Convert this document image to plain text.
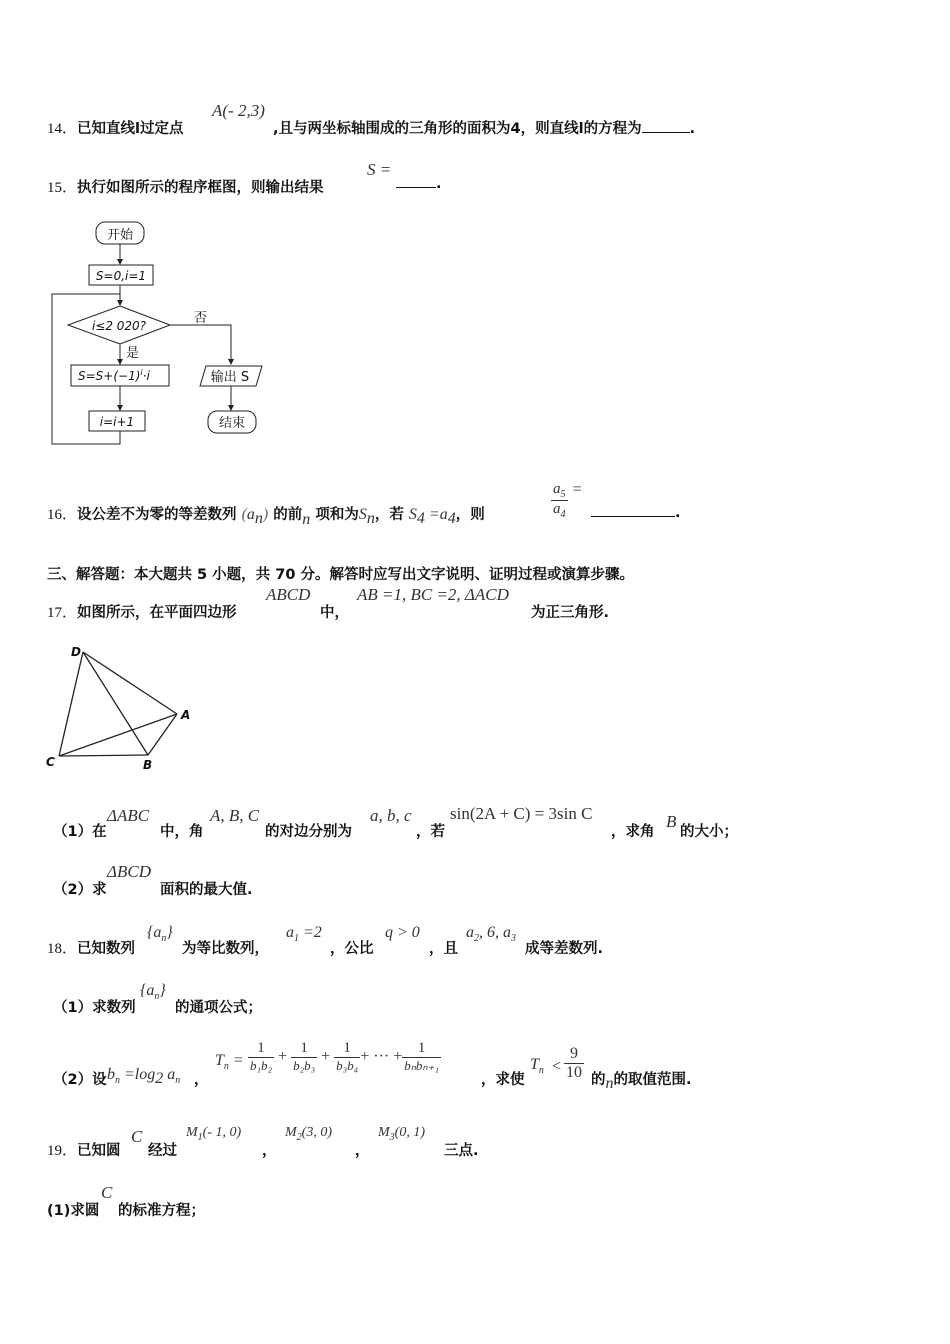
14．已知直线l过定点
A(- 2,3)
,且与两坐标轴围成的三角形的面积为4，则直线l的方程为	.
15．执行如图所示的程序框图，则输出结果
S =
.
开始
S=0,i=1
i≤2 020?	否
是
$S=S+(-1)^i\cdot i$
i=i+1
输出 S
结束
16．设公差不为零的等差数列 $(a_n)$ 的前n 项和为$S_n$，若 $S_4 =a_4$，则	$\frac{a_5}{a_4}$ =
.
三、解答题：本大题共 5 小题，共 70 分。解答时应写出文字说明、证明过程或演算步骤。
17．如图所示，在平面四边形
ABCD
中，
AB =1, BC =2, ΔACD
为正三角形.
D
A
C	B
（1）在
ΔABC
中，角
A, B, C
的对边分别为
a, b, c
，若
sin(2A + C) = 3sin C
，求角
B
的大小；
（2）求
ΔBCD
面积的最大值.
18．已知数列
$\{a_n\}$
为等比数列，
$a_1 =2$
，公比
q > 0
，且
$a_2$, 6, $a_3$
成等差数列.
（1）求数列
$\{a_n\}$
的通项公式；
（2）设 $b_n =\log_2$ $a_n$ ，
$T_n = \frac{1}{\text{b₁b₂}} + \frac{1}{\text{b₂b₃}} + \frac{1}{\text{b₃b₄}}$ + ··· + $\frac{1}{\text{bₙbₙ₊₁}}$
，求使
$T_n < \frac{9}{10}$ 的n的取值范围.
19．已知圆
C
经过
$M_1(-$ 1, 0)
，
$M_2(3$, 0)
，
$M_3(0$, 1)
三点.
(1)求圆
C
的标准方程；
